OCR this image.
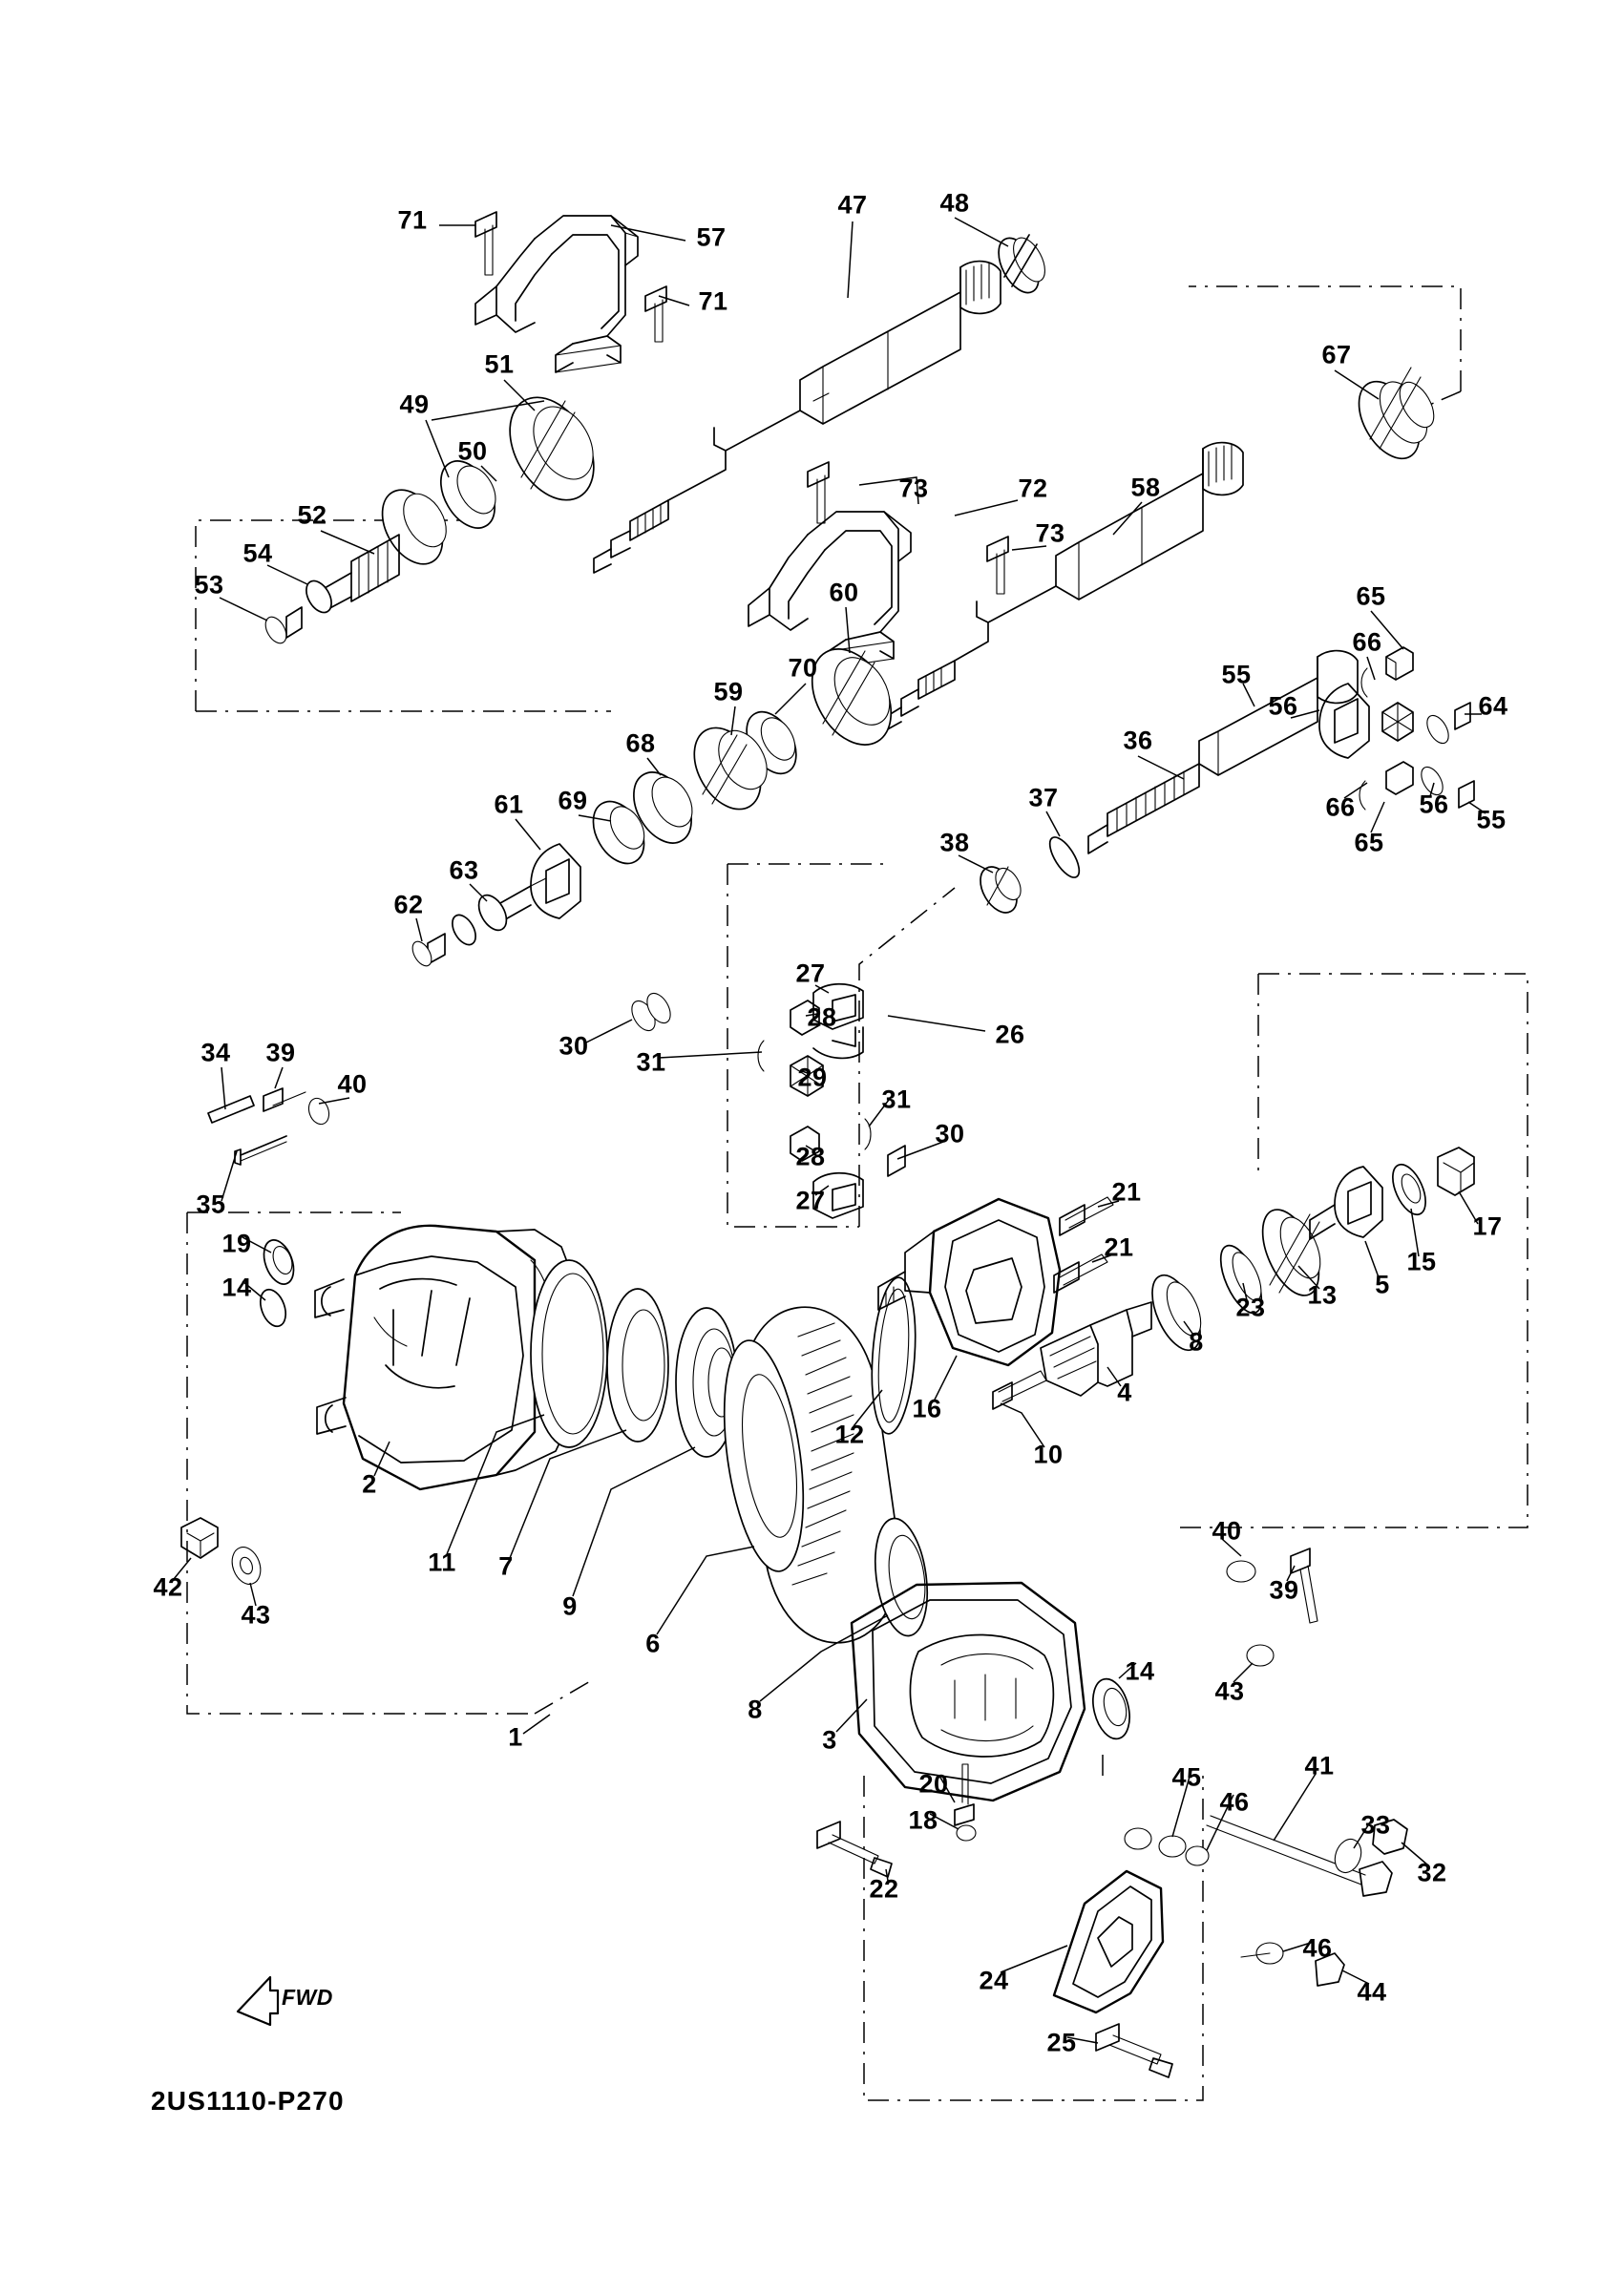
FWD
2US1110-P270
71
57
47	48
71
67
51
49
73	72	58
50
73
52
60	65
54
66
53
55
56	64
59
70
36
68
66 56
55
61 69
65
37
38
63
62
27
28
30	26
31
29
31
34 39
40
28
30
27
35
19
21
21
17
14
15
5
13
23
8
16
4
12
10
2
11 7
40
9
39
42
43
6
14
43
8
1	3
41
45
20
46
18	33
32
22
24
46
44
25
